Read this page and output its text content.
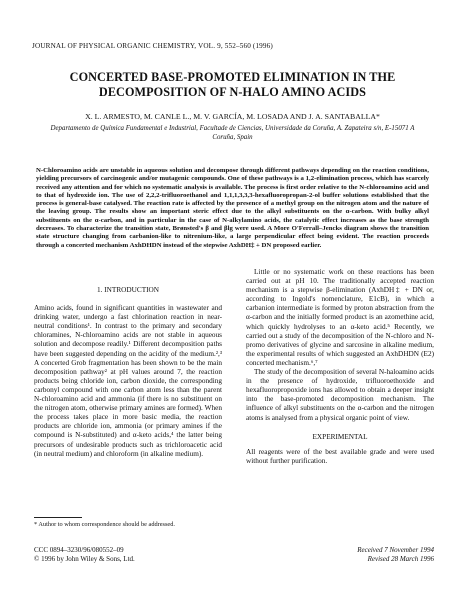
JOURNAL OF PHYSICAL ORGANIC CHEMISTRY, VOL. 9, 552–560 (1996)
CONCERTED BASE-PROMOTED ELIMINATION IN THE
DECOMPOSITION OF N-HALO AMINO ACIDS
X. L. ARMESTO, M. CANLE L., M. V. GARCÍA, M. LOSADA AND J. A. SANTABALLA*
Departamento de Química Fundamental e Industrial, Facultade de Ciencias, Universidade da Coruña, A. Zapateira s/n, E-15071 A
Coruña, Spain
N-Chloroamino acids are unstable in aqueous solution and decompose through different pathways depending on the reaction conditions, yielding precursors of carcinogenic and/or mutagenic compounds. One of these pathways is a 1,2-elimination process, which has scarcely received any attention and for which no systematic analysis is available. The process is first order relative to the N-chloroamino acid and to that of hydroxide ion. The use of 2,2,2-trifluoroethanol and 1,1,1,3,3,3-hexafluoropropan-2-ol buffer solutions established that the process is general-base catalysed. The reaction rate is affected by the presence of a methyl group on the nitrogen atom and the nature of the leaving group. The results show an important steric effect due to the alkyl substituents on the α-carbon. With bulky alkyl substituents on the α-carbon, and in particular in the case of N-alkylamino acids, the catalytic effect increases as the base strength decreases. To characterize the transition state, Brønsted's β and βlg were used. A More O'Ferrall–Jencks diagram shows the transition state structure changing from carbanion-like to nitrenium-like, a large perpendicular effect being evident. The reaction proceeds through a concerted mechanism AxhDHDN instead of the stepwise AxhDH‡ + DN proposed earlier.
1. INTRODUCTION

Amino acids, found in significant quantities in wastewater and drinking water, undergo a fast chlorination reaction in near-neutral conditions¹. In contrast to the primary and secondary chloramines, N-chloroamino acids are not stable in aqueous solution and decompose readily.¹ Different decomposition paths have been suggested depending on the acidity of the medium.²,³ A concerted Grob fragmentation has been shown to be the main decomposition pathway² at pH values around 7, the reaction products being chloride ion, carbon dioxide, the corresponding carbonyl compound with one carbon atom less than the parent N-chloroamino acid and ammonia (if there is no substituent on the nitrogen atom, otherwise primary amines are formed). When the process takes place in more basic media, the reaction products are chloride ion, ammonia (or primary amines if the compound is N-substituted) and α-keto acids,⁴ the latter being precursors of undesirable products such as trichloroacetic acid (in neutral medium) and chloroform (in alkaline medium).

Little or no systematic work on these reactions has been carried out at pH 10. The traditionally accepted reaction mechanism is a stepwise β-elimination (AxhDH‡ + DN or, according to Ingold's nomenclature, E1cB), in which a carbanion intermediate is formed by proton abstraction from the α-carbon and the initially formed product is an azomethine acid, which quickly hydrolyses to an α-keto acid.⁵ Recently, we carried out a study of the decomposition of the N-chloro and N-promo derivatives of glycine and sarcosine in alkaline medium, the experimental results of which suggested an AxhDHDN (E2) concerted mechanism.⁶,⁷

The study of the decomposition of several N-haloamino acids in the presence of hydroxide, trifluoroethoxide and hexafluoropropoxide ions has allowed to obtain a deeper insight into the base-promoted decomposition mechanism. The influence of alkyl substituents on the α-carbon and the nitrogen atoms is analysed from a physical organic point of view.

EXPERIMENTAL

All reagents were of the best available grade and were used without further purification.

* Author to whom correspondence should be addressed.
CCC 0894–3230/96/080552–09
© 1996 by John Wiley & Sons, Ltd.
Received 7 November 1994
Revised 28 March 1996
